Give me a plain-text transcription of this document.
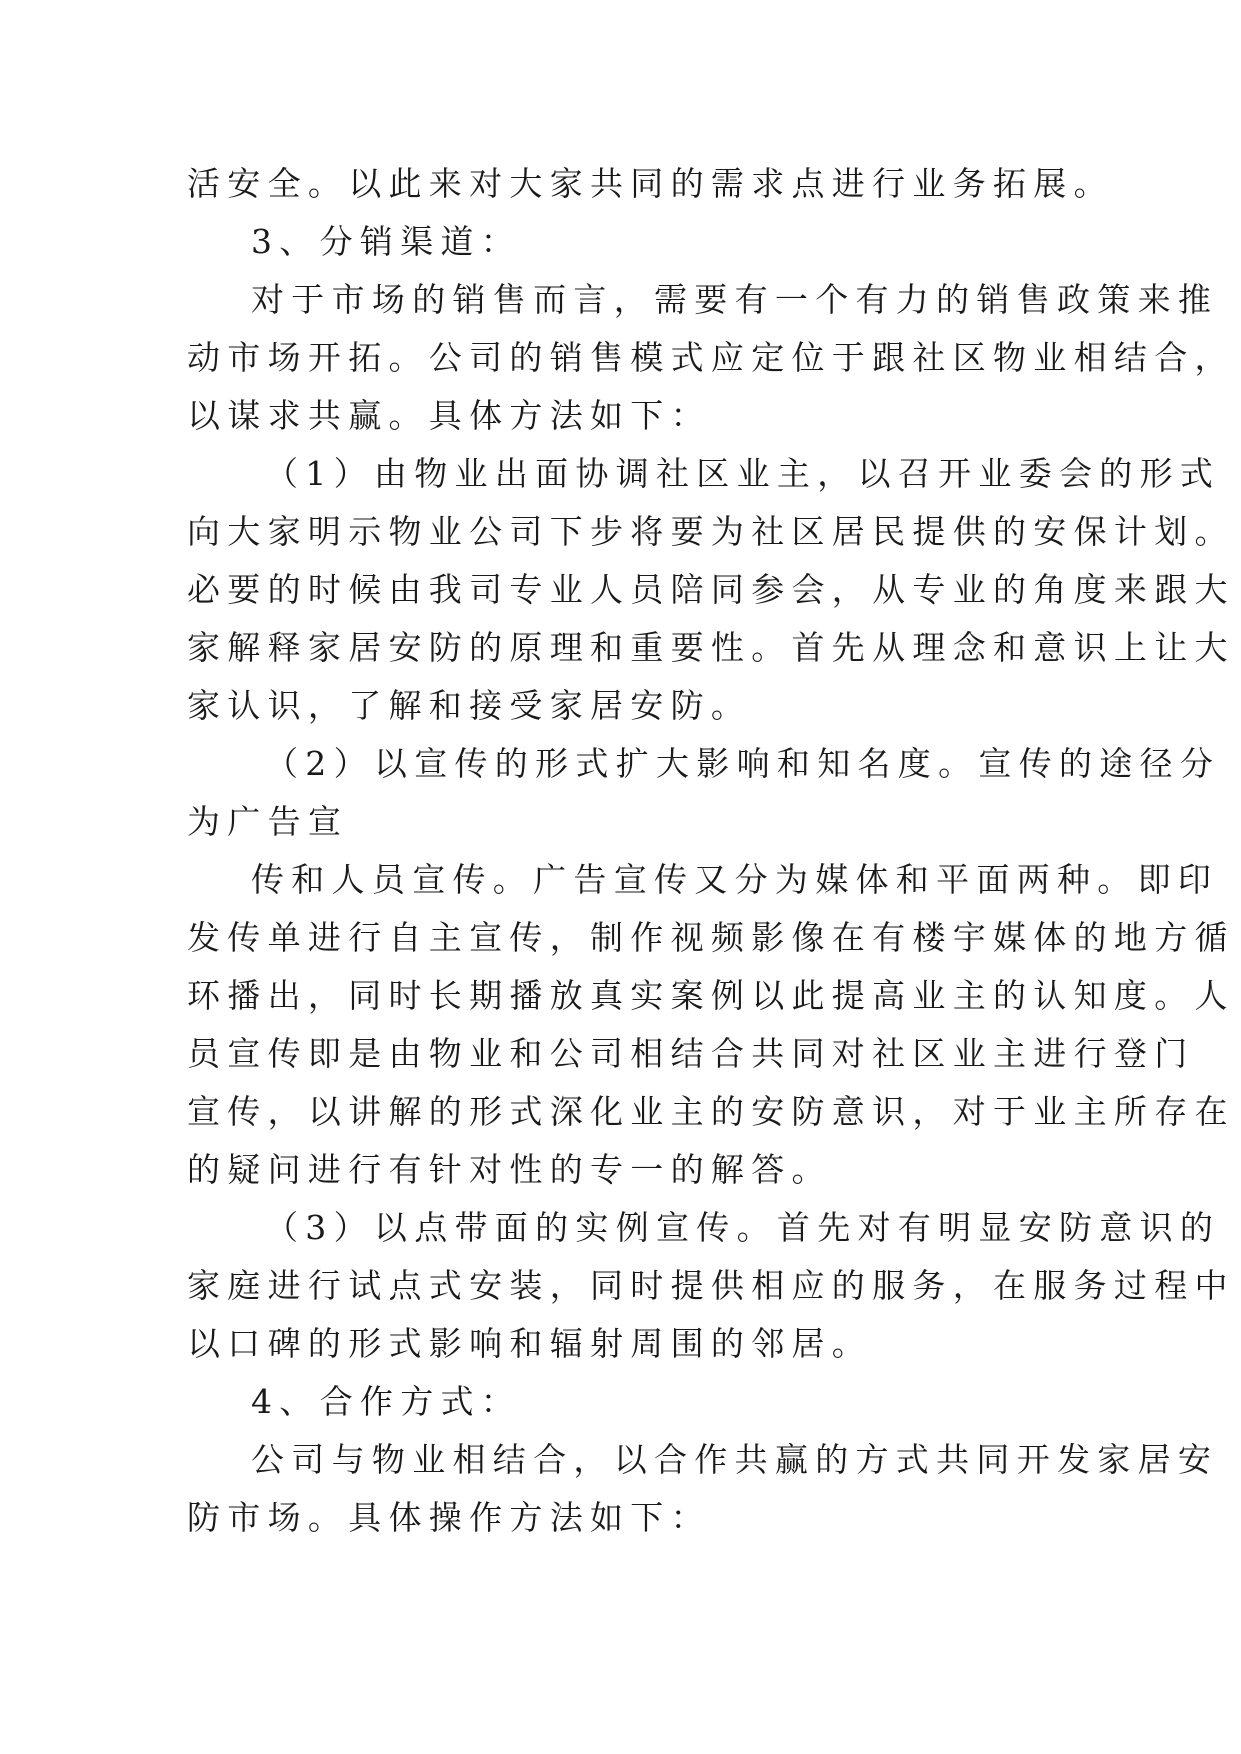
活安全。以此来对大家共同的需求点进行业务拓展。
3、分销渠道：
对于市场的销售而言，需要有一个有力的销售政策来推
动市场开拓。公司的销售模式应定位于跟社区物业相结合，
以谋求共赢。具体方法如下：
（1）由物业出面协调社区业主，以召开业委会的形式
向大家明示物业公司下步将要为社区居民提供的安保计划。
必要的时候由我司专业人员陪同参会，从专业的角度来跟大
家解释家居安防的原理和重要性。首先从理念和意识上让大
家认识，了解和接受家居安防。
（2）以宣传的形式扩大影响和知名度。宣传的途径分
为广告宣
传和人员宣传。广告宣传又分为媒体和平面两种。即印
发传单进行自主宣传，制作视频影像在有楼宇媒体的地方循
环播出，同时长期播放真实案例以此提高业主的认知度。人
员宣传即是由物业和公司相结合共同对社区业主进行登门
宣传，以讲解的形式深化业主的安防意识，对于业主所存在
的疑问进行有针对性的专一的解答。
（3）以点带面的实例宣传。首先对有明显安防意识的
家庭进行试点式安装，同时提供相应的服务，在服务过程中
以口碑的形式影响和辐射周围的邻居。
4、合作方式：
公司与物业相结合，以合作共赢的方式共同开发家居安
防市场。具体操作方法如下：
